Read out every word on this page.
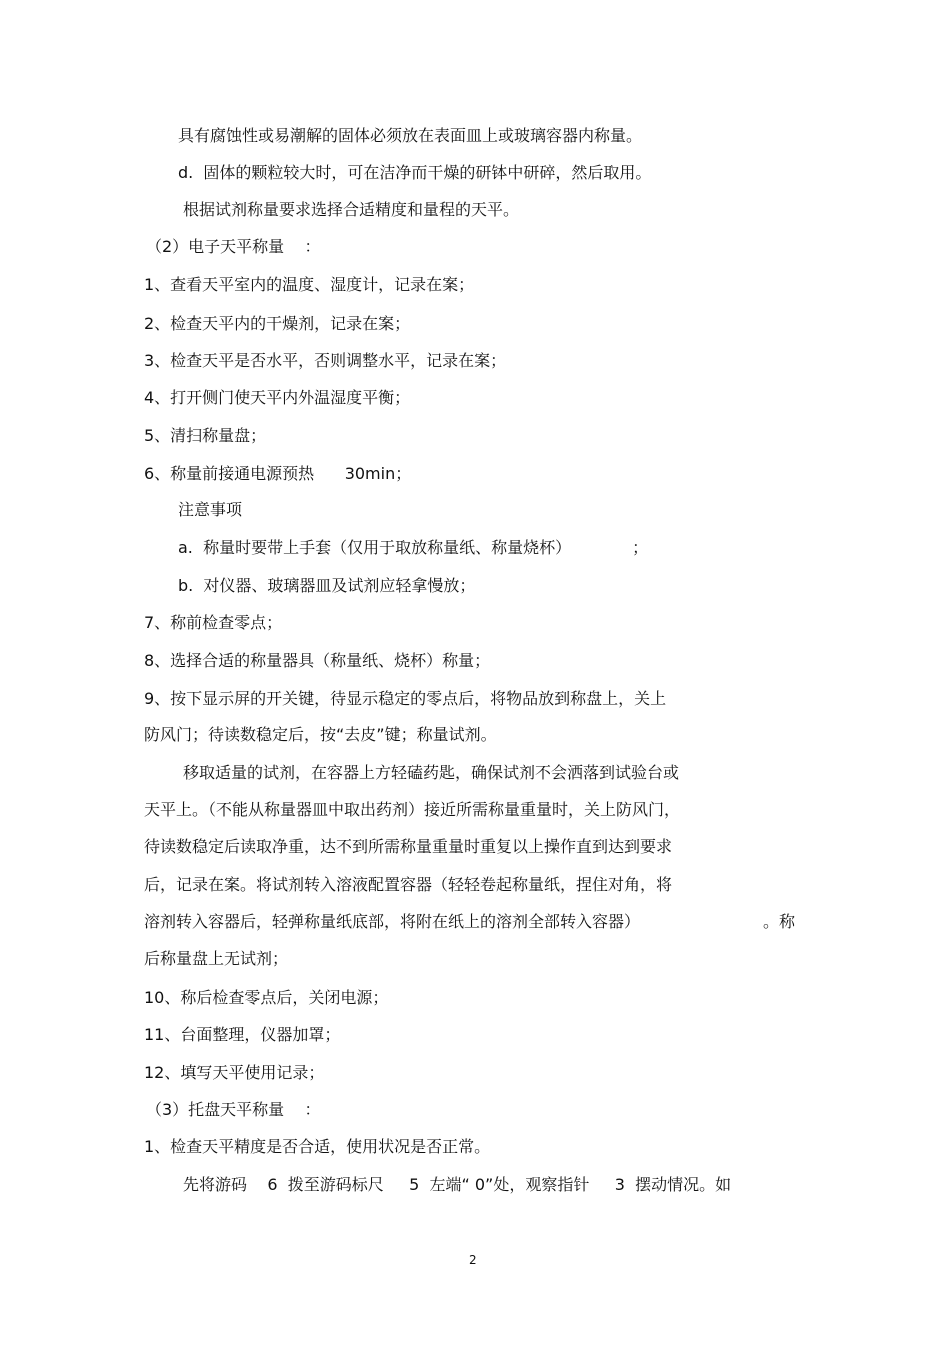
具有腐蚀性或易潮解的固体必须放在表面皿上或玻璃容器内称量。

d.  固体的颗粒较大时，可在洁净而干燥的研钵中研碎，然后取用。

根据试剂称量要求选择合适精度和量程的天平。

（2）电子天平称量    ：

1、查看天平室内的温度、湿度计，记录在案；

2、检查天平内的干燥剂，记录在案；

3、检查天平是否水平，否则调整水平，记录在案；

4、打开侧门使天平内外温湿度平衡；

5、清扫称量盘；

6、称量前接通电源预热      30min；

注意事项

a.  称量时要带上手套（仅用于取放称量纸、称量烧杯）            ；

b.  对仪器、玻璃器皿及试剂应轻拿慢放；

7、称前检查零点；

8、选择合适的称量器具（称量纸、烧杯）称量；

9、按下显示屏的开关键，待显示稳定的零点后，将物品放到称盘上，关上

防风门；待读数稳定后，按“去皮”键；称量试剂。

移取适量的试剂，在容器上方轻磕药匙，确保试剂不会洒落到试验台或

天平上。（不能从称量器皿中取出药剂）接近所需称量重量时，关上防风门，

待读数稳定后读取净重，达不到所需称量重量时重复以上操作直到达到要求

后，记录在案。将试剂转入溶液配置容器（轻轻卷起称量纸，捏住对角，将

溶剂转入容器后，轻弹称量纸底部，将附在纸上的溶剂全部转入容器）	。称

后称量盘上无试剂；

10、称后检查零点后，关闭电源；

11、台面整理，仪器加罩；

12、填写天平使用记录；

（3）托盘天平称量    ：

1、检查天平精度是否合适，使用状况是否正常。

先将游码    6  拨至游码标尺     5  左端“ 0”处，观察指针     3  摆动情况。如

2
